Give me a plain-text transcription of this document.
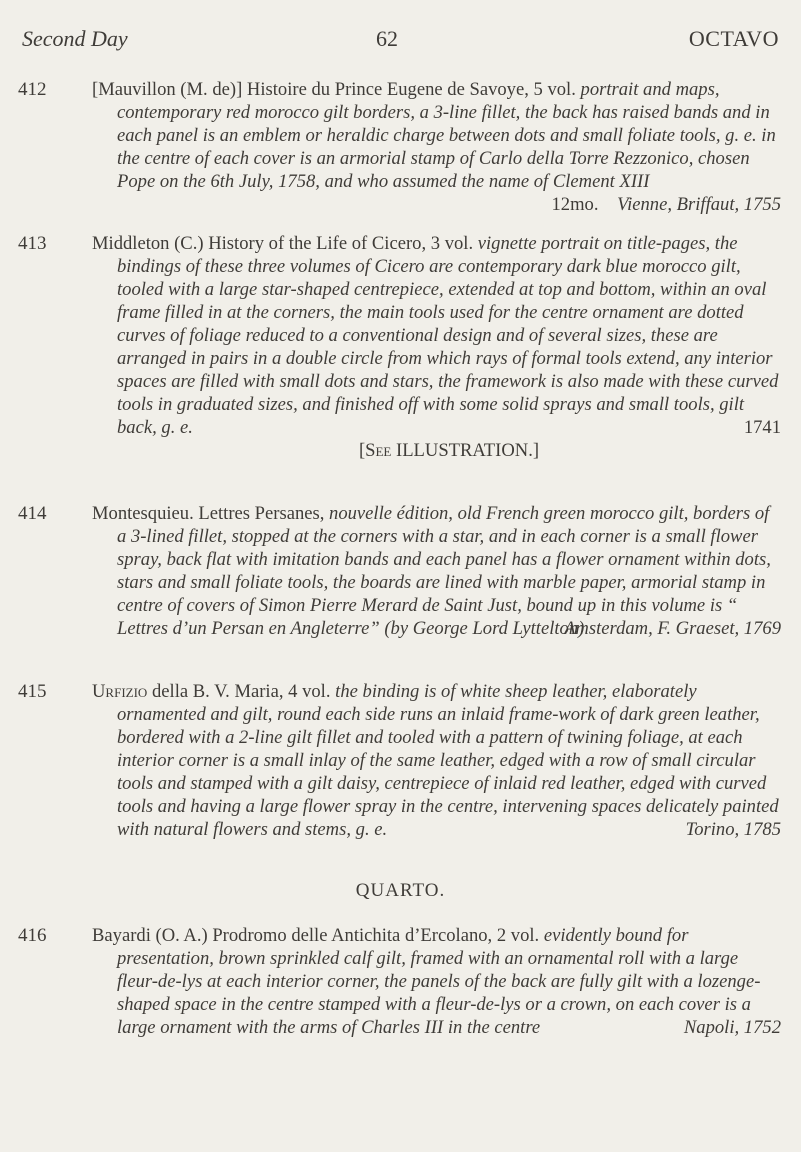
Second Day	62	OCTAVO
412 [Mauvillon (M. de)] Histoire du Prince Eugene de Savoye, 5 vol. portrait and maps, contemporary red morocco gilt borders, a 3-line fillet, the back has raised bands and in each panel is an emblem or heraldic charge between dots and small foliate tools, g. e. in the centre of each cover is an armorial stamp of Carlo della Torre Rezzonico, chosen Pope on the 6th July, 1758, and who assumed the name of Clement XIII
12mo. Vienne, Briffaut, 1755
413 Middleton (C.) History of the Life of Cicero, 3 vol. vignette portrait on title-pages, the bindings of these three volumes of Cicero are contemporary dark blue morocco gilt, tooled with a large star-shaped centrepiece, extended at top and bottom, within an oval frame filled in at the corners, the main tools used for the centre ornament are dotted curves of foliage reduced to a conventional design and of several sizes, these are arranged in pairs in a double circle from which rays of formal tools extend, any interior spaces are filled with small dots and stars, the framework is also made with these curved tools in graduated sizes, and finished off with some solid sprays and small tools, gilt back, g. e.	1741
[See ILLUSTRATION.]
414 Montesquieu. Lettres Persanes, nouvelle édition, old French green morocco gilt, borders of a 3-lined fillet, stopped at the corners with a star, and in each corner is a small flower spray, back flat with imitation bands and each panel has a flower ornament within dots, stars and small foliate tools, the boards are lined with marble paper, armorial stamp in centre of covers of Simon Pierre Merard de Saint Just, bound up in this volume is “ Lettres d’un Persan en Angleterre” (by George Lord Lyttelton)
Amsterdam, F. Graeset, 1769
415 Urfizio della B. V. Maria, 4 vol. the binding is of white sheep leather, elaborately ornamented and gilt, round each side runs an inlaid frame-work of dark green leather, bordered with a 2-line gilt fillet and tooled with a pattern of twining foliage, at each interior corner is a small inlay of the same leather, edged with a row of small circular tools and stamped with a gilt daisy, centrepiece of inlaid red leather, edged with curved tools and having a large flower spray in the centre, intervening spaces delicately painted with natural flowers and stems, g. e.	Torino, 1785
QUARTO.
416 Bayardi (O. A.) Prodromo delle Antichita d’Ercolano, 2 vol. evidently bound for presentation, brown sprinkled calf gilt, framed with an ornamental roll with a large fleur-de-lys at each interior corner, the panels of the back are fully gilt with a lozenge-shaped space in the centre stamped with a fleur-de-lys or a crown, on each cover is a large ornament with the arms of Charles III in the centre	Napoli, 1752
